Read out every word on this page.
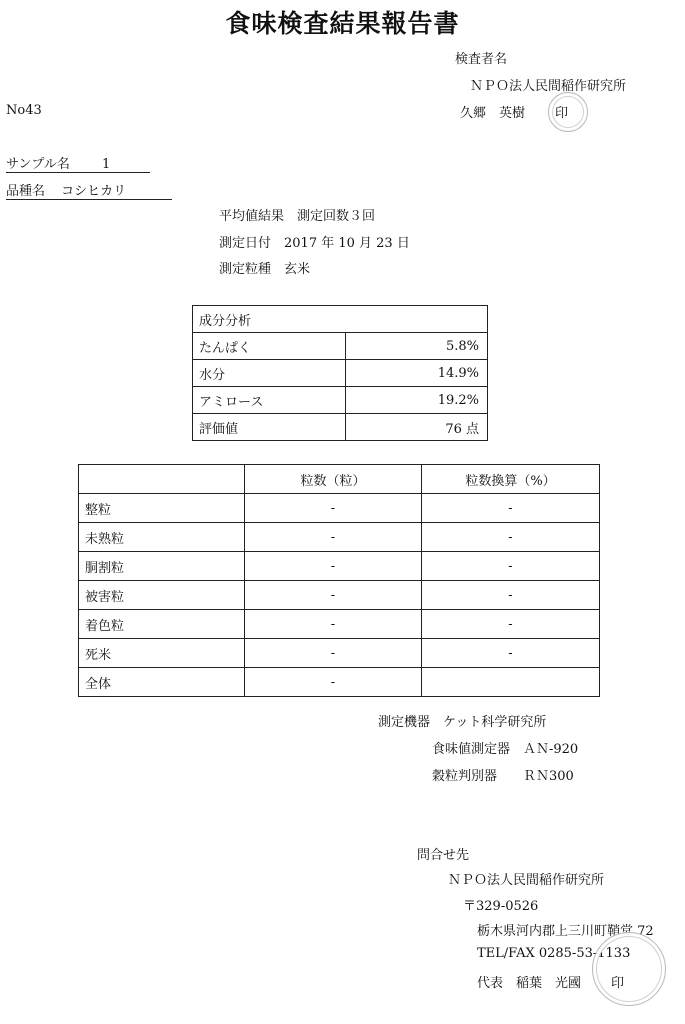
食味検査結果報告書
検査者名
ＮＰＯ法人民間稲作研究所
久郷　英樹 印
No43
サンプル名 1
品種名 コシヒカリ
平均値結果　測定回数３回
測定日付　2017 年 10 月 23 日
測定粒種　玄米
成分分析	
たんぱく	5.8%
水分	14.9%
アミロース	19.2%
評価値	76 点
	粒数（粒）	粒数換算（%）
整粒	-	-
未熟粒	-	-
胴割粒	-	-
被害粒	-	-
着色粒	-	-
死米	-	-
全体	-	
測定機器　ケット科学研究所
食味値測定器　ＡＮ-920
穀粒判別器　　ＲＮ300
問合せ先
ＮＰＯ法人民間稲作研究所
〒329-0526
栃木県河内郡上三川町鞘堂 72
TEL/FAX 0285-53-1133
代表　稲葉　光國 印
